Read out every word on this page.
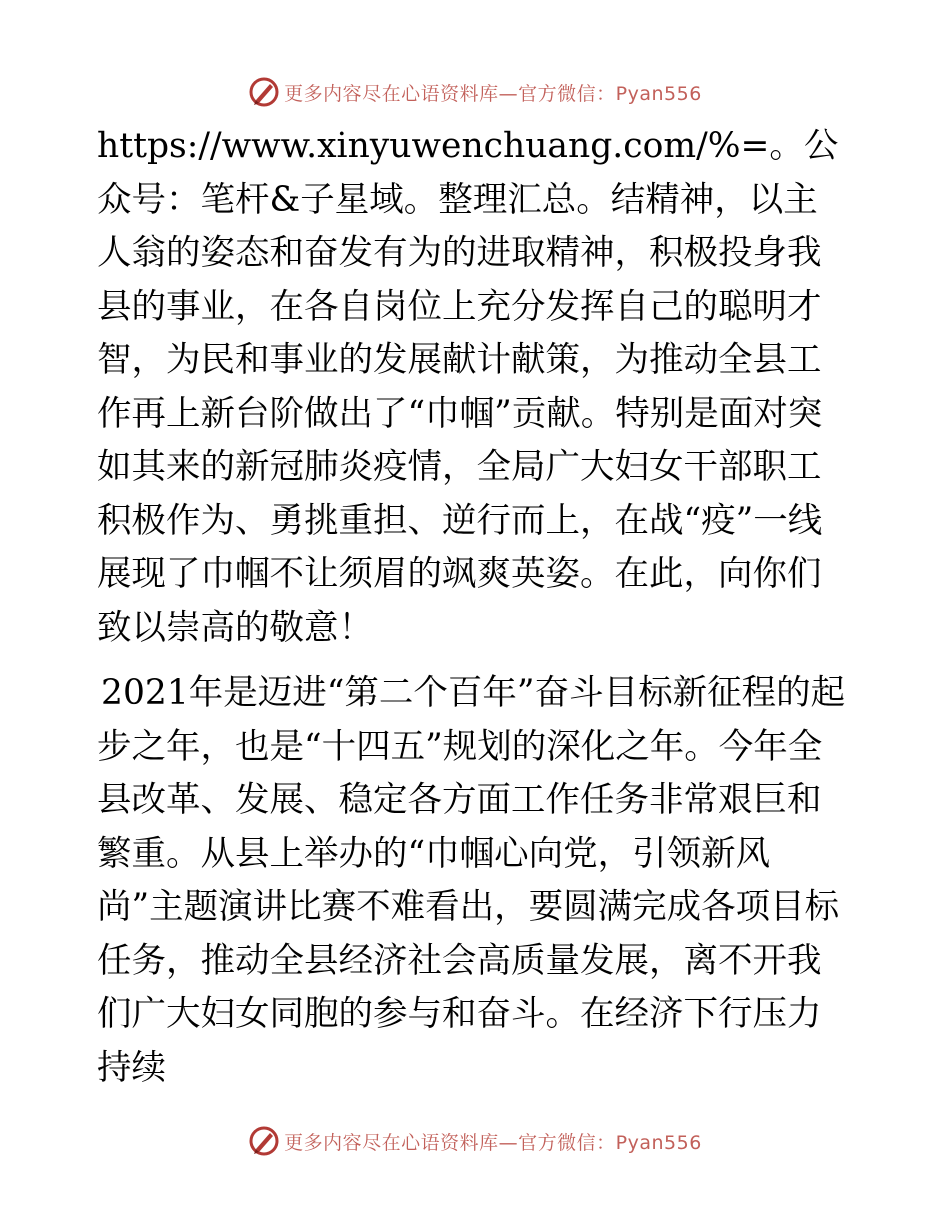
更多内容尽在心语资料库—官方微信：Pyan556

https://www.xinyuwenchuang.com/%=。公众号：笔杆&子星域。整理汇总。结精神，以主人翁的姿态和奋发有为的进取精神，积极投身我县的事业，在各自岗位上充分发挥自己的聪明才智，为民和事业的发展献计献策，为推动全县工作再上新台阶做出了“巾帼”贡献。特别是面对突如其来的新冠肺炎疫情，全局广大妇女干部职工积极作为、勇挑重担、逆行而上，在战“疫”一线展现了巾帼不让须眉的飒爽英姿。在此，向你们致以崇高的敬意！

2021年是迈进“第二个百年”奋斗目标新征程的起步之年，也是“十四五”规划的深化之年。今年全县改革、发展、稳定各方面工作任务非常艰巨和繁重。从县上举办的“巾帼心向党，引领新风尚”主题演讲比赛不难看出，要圆满完成各项目标任务，推动全县经济社会高质量发展，离不开我们广大妇女同胞的参与和奋斗。在经济下行压力持续

更多内容尽在心语资料库—官方微信：Pyan556
